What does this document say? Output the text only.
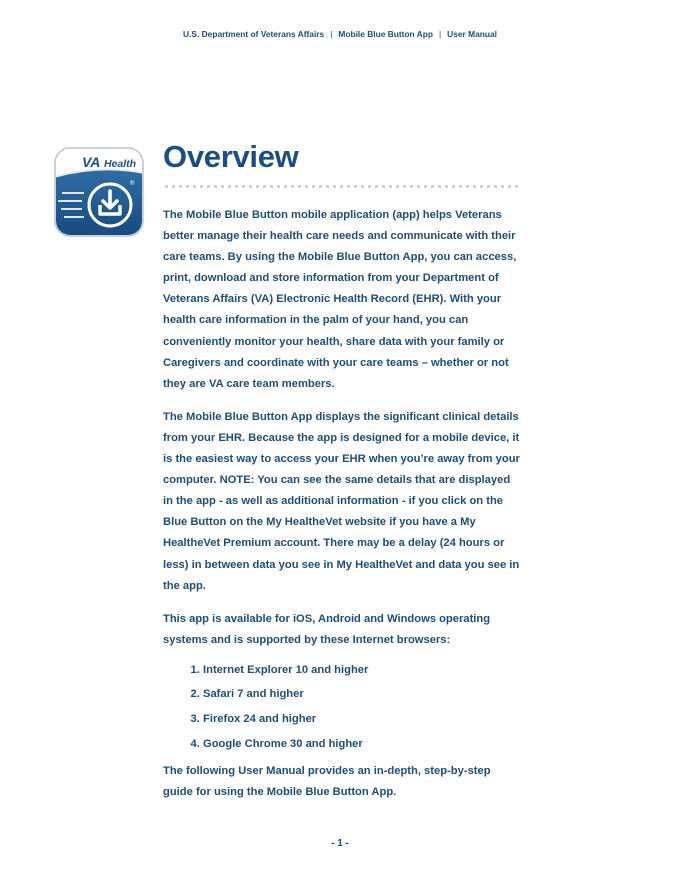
U.S. Department of Veterans Affairs | Mobile Blue Button App | User Manual
VA Health
®
Overview

The Mobile Blue Button mobile application (app) helps Veterans better manage their health care needs and communicate with their care teams. By using the Mobile Blue Button App, you can access, print, download and store information from your Department of Veterans Affairs (VA) Electronic Health Record (EHR). With your health care information in the palm of your hand, you can conveniently monitor your health, share data with your family or Caregivers and coordinate with your care teams – whether or not they are VA care team members.

The Mobile Blue Button App displays the significant clinical details from your EHR. Because the app is designed for a mobile device, it is the easiest way to access your EHR when you’re away from your computer. NOTE: You can see the same details that are displayed in the app - as well as additional information - if you click on the Blue Button on the My HealtheVet website if you have a My HealtheVet Premium account. There may be a delay (24 hours or less) in between data you see in My HealtheVet and data you see in the app.

This app is available for iOS, Android and Windows operating systems and is supported by these Internet browsers:

1. Internet Explorer 10 and higher
2. Safari 7 and higher
3. Firefox 24 and higher
4. Google Chrome 30 and higher

The following User Manual provides an in-depth, step-by-step guide for using the Mobile Blue Button App.

- 1 -
